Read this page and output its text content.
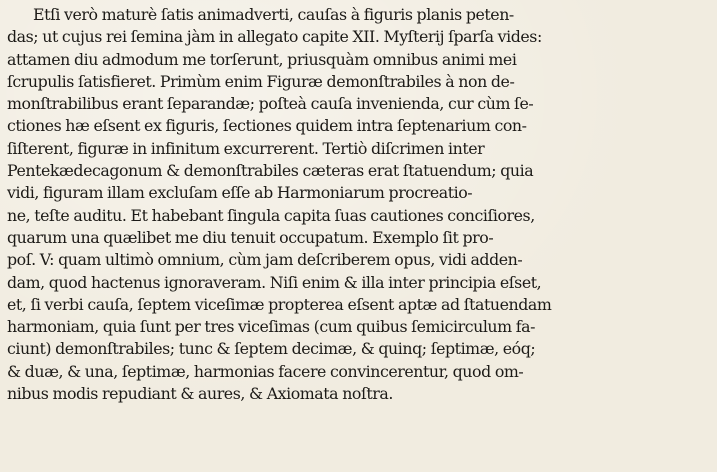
Etſi verò maturè ſatis animadverti, cauſas à figuris planis peten-
das; ut cujus rei ſemina jàm in allegato capite XII. Myſterij ſparſa vides:
attamen diu admodum me torſerunt, priusquàm omnibus animi mei
ſcrupulis ſatisfieret. Primùm enim Figuræ demonſtrabiles à non de-
monſtrabilibus erant ſeparandæ; poſteà cauſa invenienda, cur cùm ſe-
ctiones hæ eſsent ex figuris, ſectiones quidem intra ſeptenarium con-
ſiſterent, figuræ in infinitum excurrerent. Tertiò diſcrimen inter
Pentekædecagonum & demonſtrabiles cæteras erat ſtatuendum; quia
vidi, figuram illam excluſam eſſe ab Harmoniarum procreatio-
ne, teſte auditu. Et habebant ſingula capita ſuas cautiones conciſiores,
quarum una quælibet me diu tenuit occupatum. Exemplo ſit pro-
poſ. V: quam ultimò omnium, cùm jam deſcriberem opus, vidi adden-
dam, quod hactenus ignoraveram. Niſi enim & illa inter principia eſset,
et, ſi verbi cauſa, ſeptem viceſimæ propterea eſsent aptæ ad ſtatuendam
harmoniam, quia ſunt per tres viceſimas (cum quibus ſemicirculum fa-
ciunt) demonſtrabiles; tunc & ſeptem decimæ, & quinq; ſeptimæ, eóq;
& duæ, & una, ſeptimæ, harmonias facere convincerentur, quod om-
nibus modis repudiant & aures, & Axiomata noſtra.
